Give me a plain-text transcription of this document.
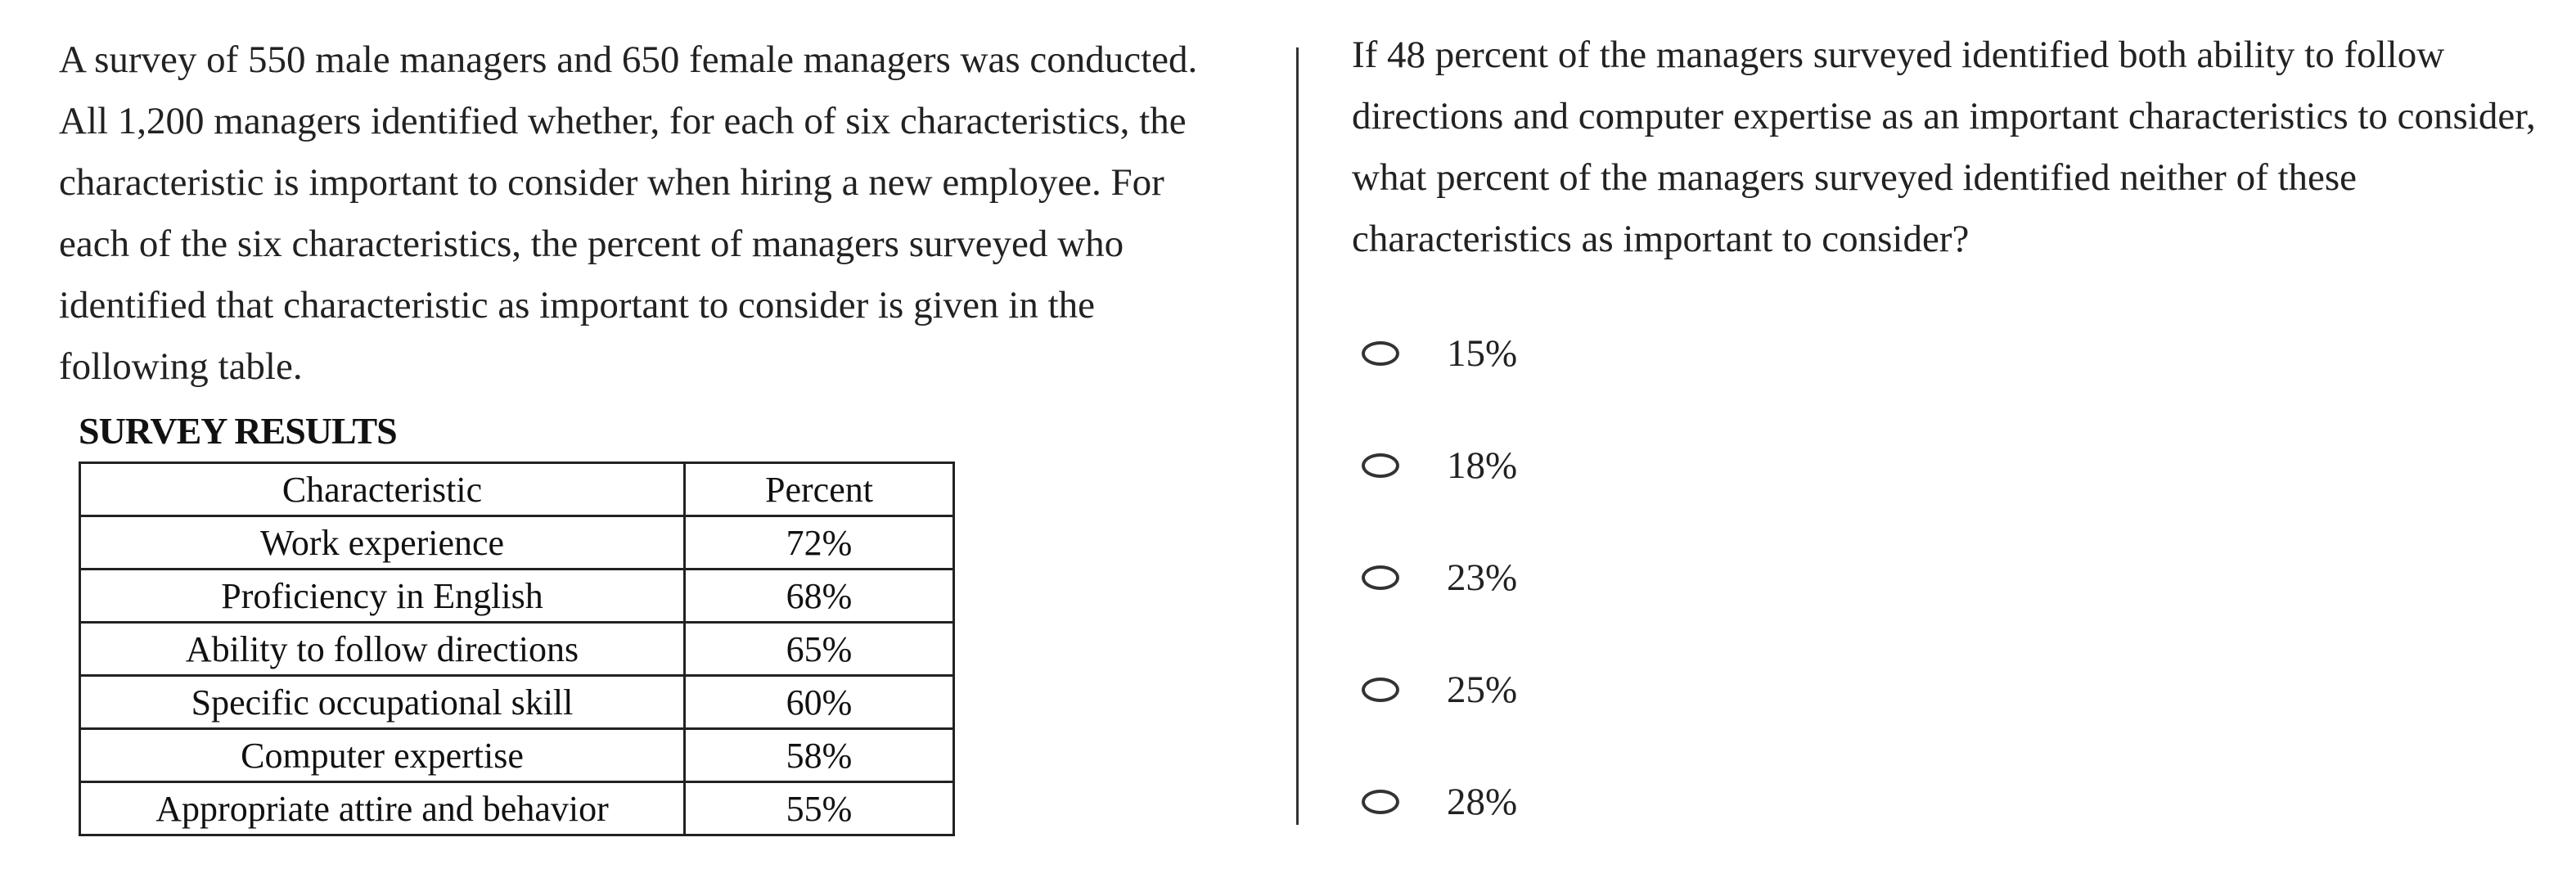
A survey of 550 male managers and 650 female managers was conducted. All 1,200 managers identified whether, for each of six characteristics, the characteristic is important to consider when hiring a new employee. For each of the six characteristics, the percent of managers surveyed who identified that characteristic as important to consider is given in the following table.

SURVEY RESULTS
Characteristic	Percent
Work experience	72%
Proficiency in English	68%
Ability to follow directions	65%
Specific occupational skill	60%
Computer expertise	58%
Appropriate attire and behavior	55%

If 48 percent of the managers surveyed identified both ability to follow directions and computer expertise as an important characteristics to consider, what percent of the managers surveyed identified neither of these characteristics as important to consider?

15%
18%
23%
25%
28%
